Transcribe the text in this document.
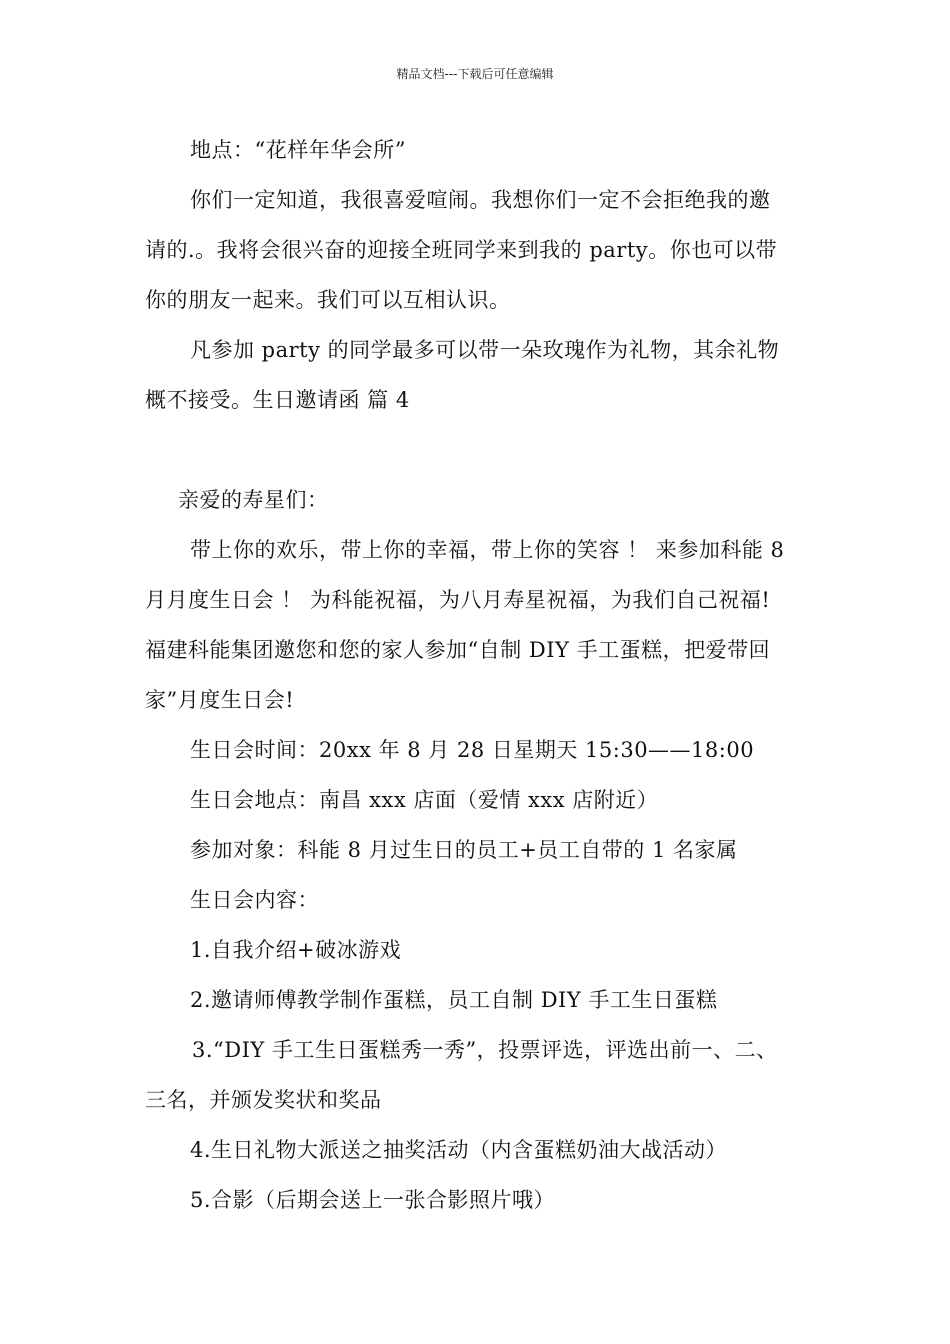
精品文档---下载后可任意编辑
地点：“花样年华会所”
你们一定知道，我很喜爱喧闹。我想你们一定不会拒绝我的邀
请的.。我将会很兴奋的迎接全班同学来到我的 party。你也可以带
你的朋友一起来。我们可以互相认识。
凡参加 party 的同学最多可以带一朵玫瑰作为礼物，其余礼物
概不接受。生日邀请函 篇 4
亲爱的寿星们：
带上你的欢乐，带上你的幸福，带上你的笑容 ！ 来参加科能 8
月月度生日会 ！ 为科能祝福，为八月寿星祝福，为我们自己祝福!
福建科能集团邀您和您的家人参加“自制 DIY 手工蛋糕，把爱带回
家”月度生日会!
生日会时间：20xx 年 8 月 28 日星期天 15:30——18:00
生日会地点：南昌 xxx 店面（爱情 xxx 店附近）
参加对象：科能 8 月过生日的员工+员工自带的 1 名家属
生日会内容：
1.自我介绍+破冰游戏
2.邀请师傅教学制作蛋糕，员工自制 DIY 手工生日蛋糕
3.“DIY 手工生日蛋糕秀一秀”，投票评选，评选出前一、二、
三名，并颁发奖状和奖品
4.生日礼物大派送之抽奖活动（内含蛋糕奶油大战活动）
5.合影（后期会送上一张合影照片哦）
